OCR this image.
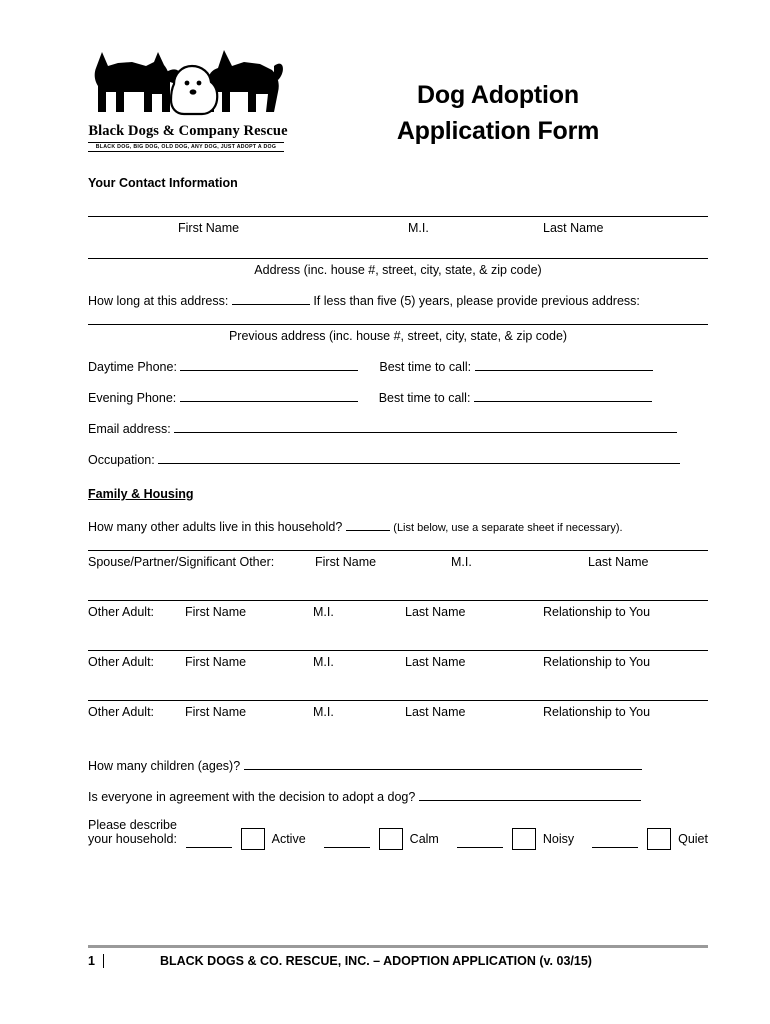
Black Dogs & Company Rescue
BLACK DOG, BIG DOG, OLD DOG, ANY DOG, JUST ADOPT A DOG
Dog Adoption
Application Form
Your Contact Information
First Name	M.I.	Last Name
Address (inc. house #, street, city, state, & zip code)
How long at this address:	If less than five (5) years, please provide previous address:
Previous address (inc. house #, street, city, state, & zip code)
Daytime Phone:	Best time to call:
Evening Phone:	Best time to call:
Email address:
Occupation:
Family & Housing
How many other adults live in this household?	(List below, use a separate sheet if necessary).
Spouse/Partner/Significant Other:	First Name	M.I.	Last Name
Other Adult: First Name	M.I.	Last Name	Relationship to You
Other Adult: First Name	M.I.	Last Name	Relationship to You
Other Adult: First Name	M.I.	Last Name	Relationship to You
How many children (ages)?
Is everyone in agreement with the decision to adopt a dog?
Please describe your household:	Active	Calm	Noisy	Quiet
1	BLACK DOGS & CO. RESCUE, INC. – ADOPTION APPLICATION (v. 03/15)
